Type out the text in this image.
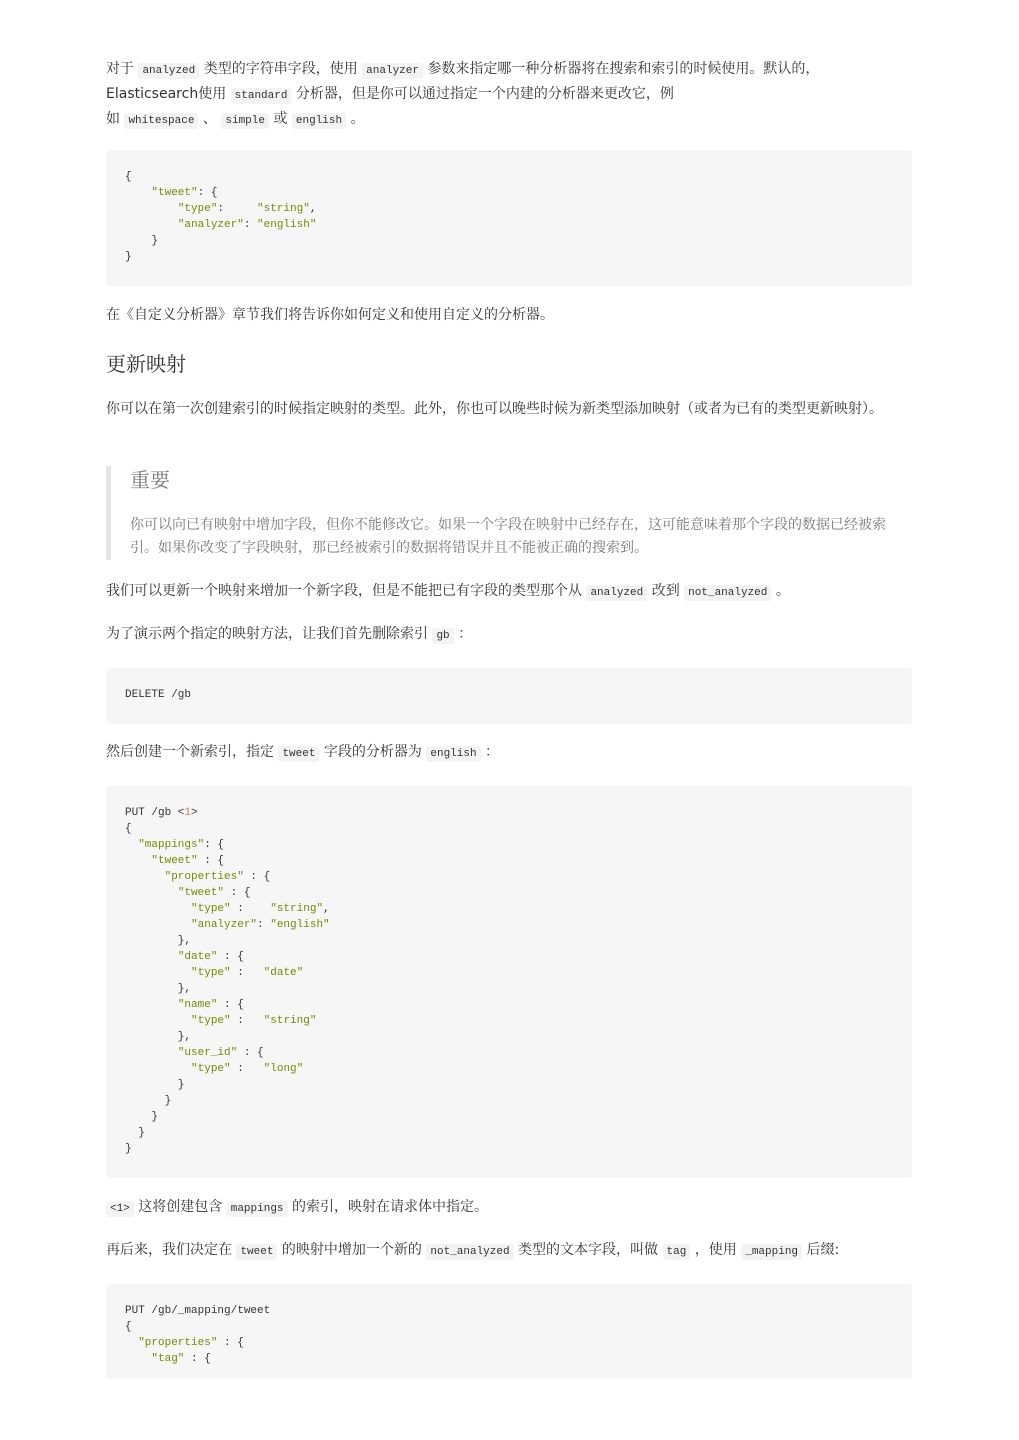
对于 analyzed 类型的字符串字段，使用 analyzer 参数来指定哪一种分析器将在搜索和索引的时候使用。默认的，
Elasticsearch使用 standard 分析器，但是你可以通过指定一个内建的分析器来更改它，例
如 whitespace 、 simple 或 english 。

{
"tweet": {
"type":     "string",
"analyzer": "english"
}
}

在《自定义分析器》章节我们将告诉你如何定义和使用自定义的分析器。

更新映射

你可以在第一次创建索引的时候指定映射的类型。此外，你也可以晚些时候为新类型添加映射（或者为已有的类型更新映射）。

重要

你可以向已有映射中增加字段，但你不能修改它。如果一个字段在映射中已经存在，这可能意味着那个字段的数据已经被索引。如果你改变了字段映射，那已经被索引的数据将错误并且不能被正确的搜索到。

我们可以更新一个映射来增加一个新字段，但是不能把已有字段的类型那个从 analyzed 改到 not_analyzed 。

为了演示两个指定的映射方法，让我们首先删除索引 gb ：

DELETE /gb

然后创建一个新索引，指定 tweet 字段的分析器为 english ：

PUT /gb <1>
{
"mappings": {
"tweet" : {
"properties" : {
"tweet" : {
"type" :    "string",
"analyzer": "english"
},
"date" : {
"type" :   "date"
},
"name" : {
"type" :   "string"
},
"user_id" : {
"type" :   "long"
}
}
}
}
}

<1> 这将创建包含 mappings 的索引，映射在请求体中指定。

再后来，我们决定在 tweet 的映射中增加一个新的 not_analyzed 类型的文本字段，叫做 tag ，使用 _mapping 后缀:

PUT /gb/_mapping/tweet
{
"properties" : {
"tag" : {
